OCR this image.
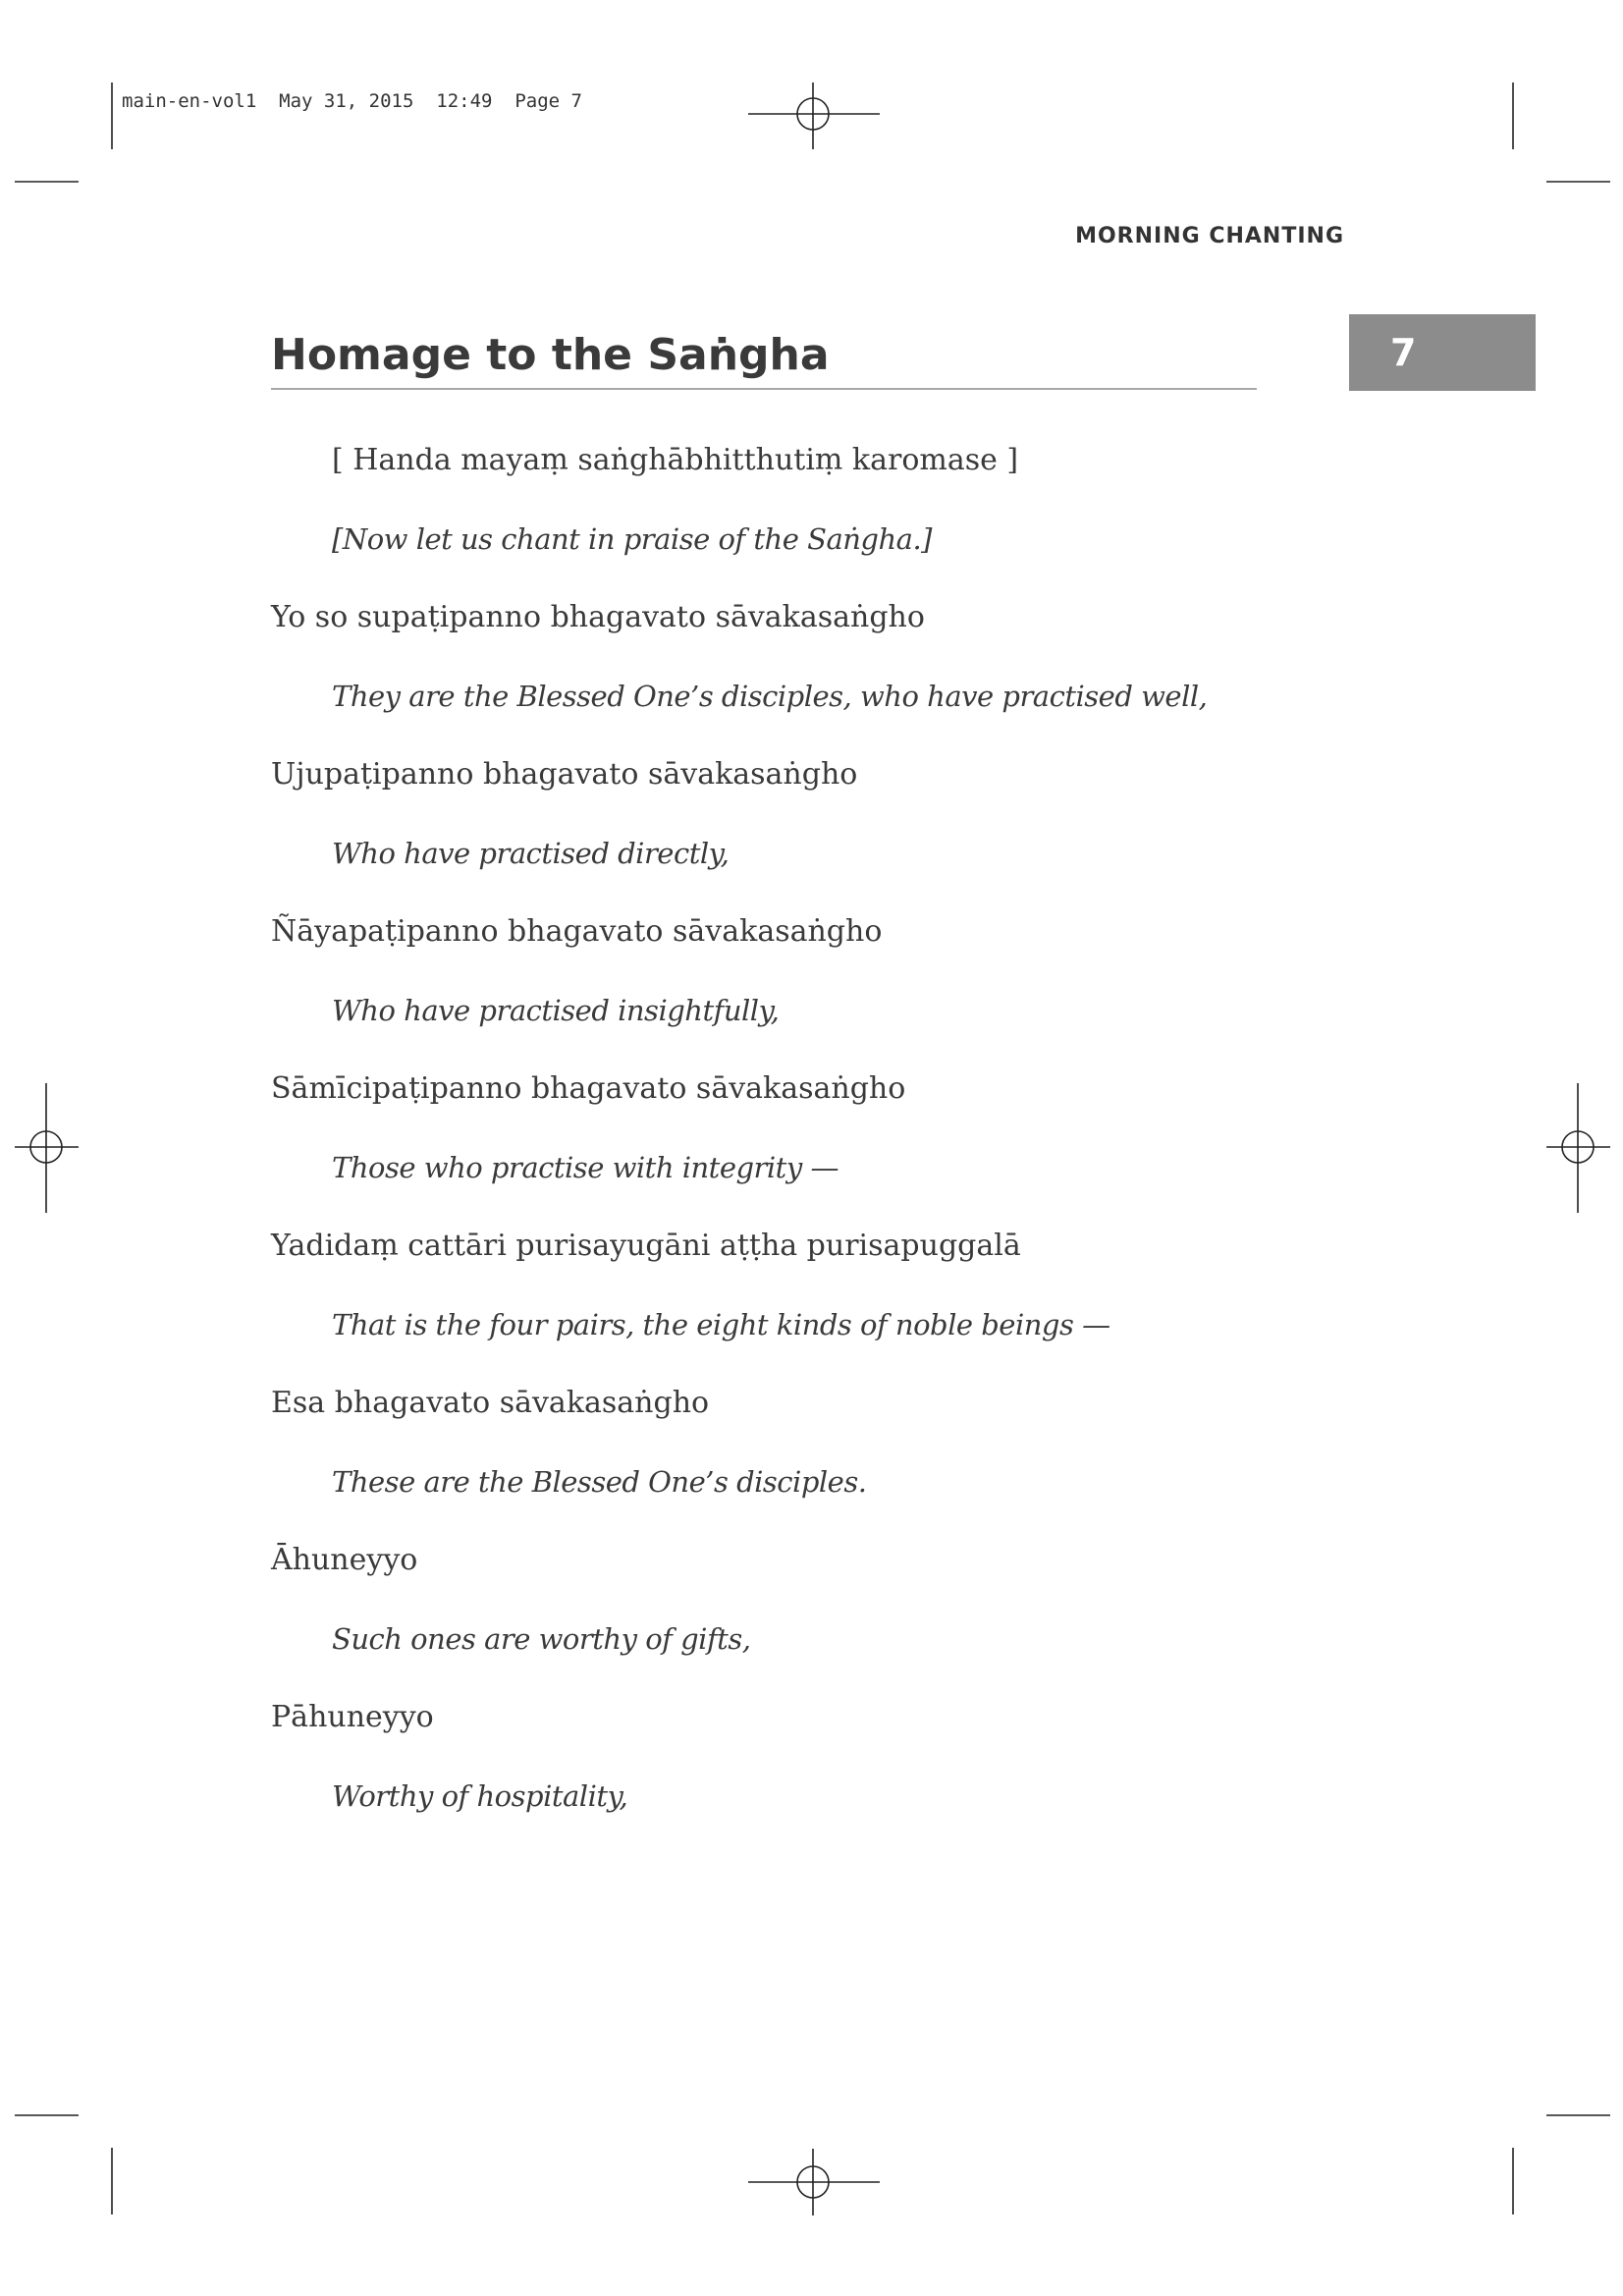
main-en-vol1  May 31, 2015  12:49  Page 7
MORNING CHANTING
Homage to the Saṅgha	7
[ Handa mayaṃ saṅghābhitthutiṃ karomase ]
[Now let us chant in praise of the Saṅgha.]
Yo so supaṭipanno bhagavato sāvakasaṅgho
They are the Blessed One’s disciples, who have practised well,
Ujupaṭipanno bhagavato sāvakasaṅgho
Who have practised directly,
Ñāyapaṭipanno bhagavato sāvakasaṅgho
Who have practised insightfully,
Sāmīcipaṭipanno bhagavato sāvakasaṅgho
Those who practise with integrity —
Yadidaṃ cattāri purisayugāni aṭṭha purisapuggalā
That is the four pairs, the eight kinds of noble beings —
Esa bhagavato sāvakasaṅgho
These are the Blessed One’s disciples.
Āhuneyyo
Such ones are worthy of gifts,
Pāhuneyyo
Worthy of hospitality,
